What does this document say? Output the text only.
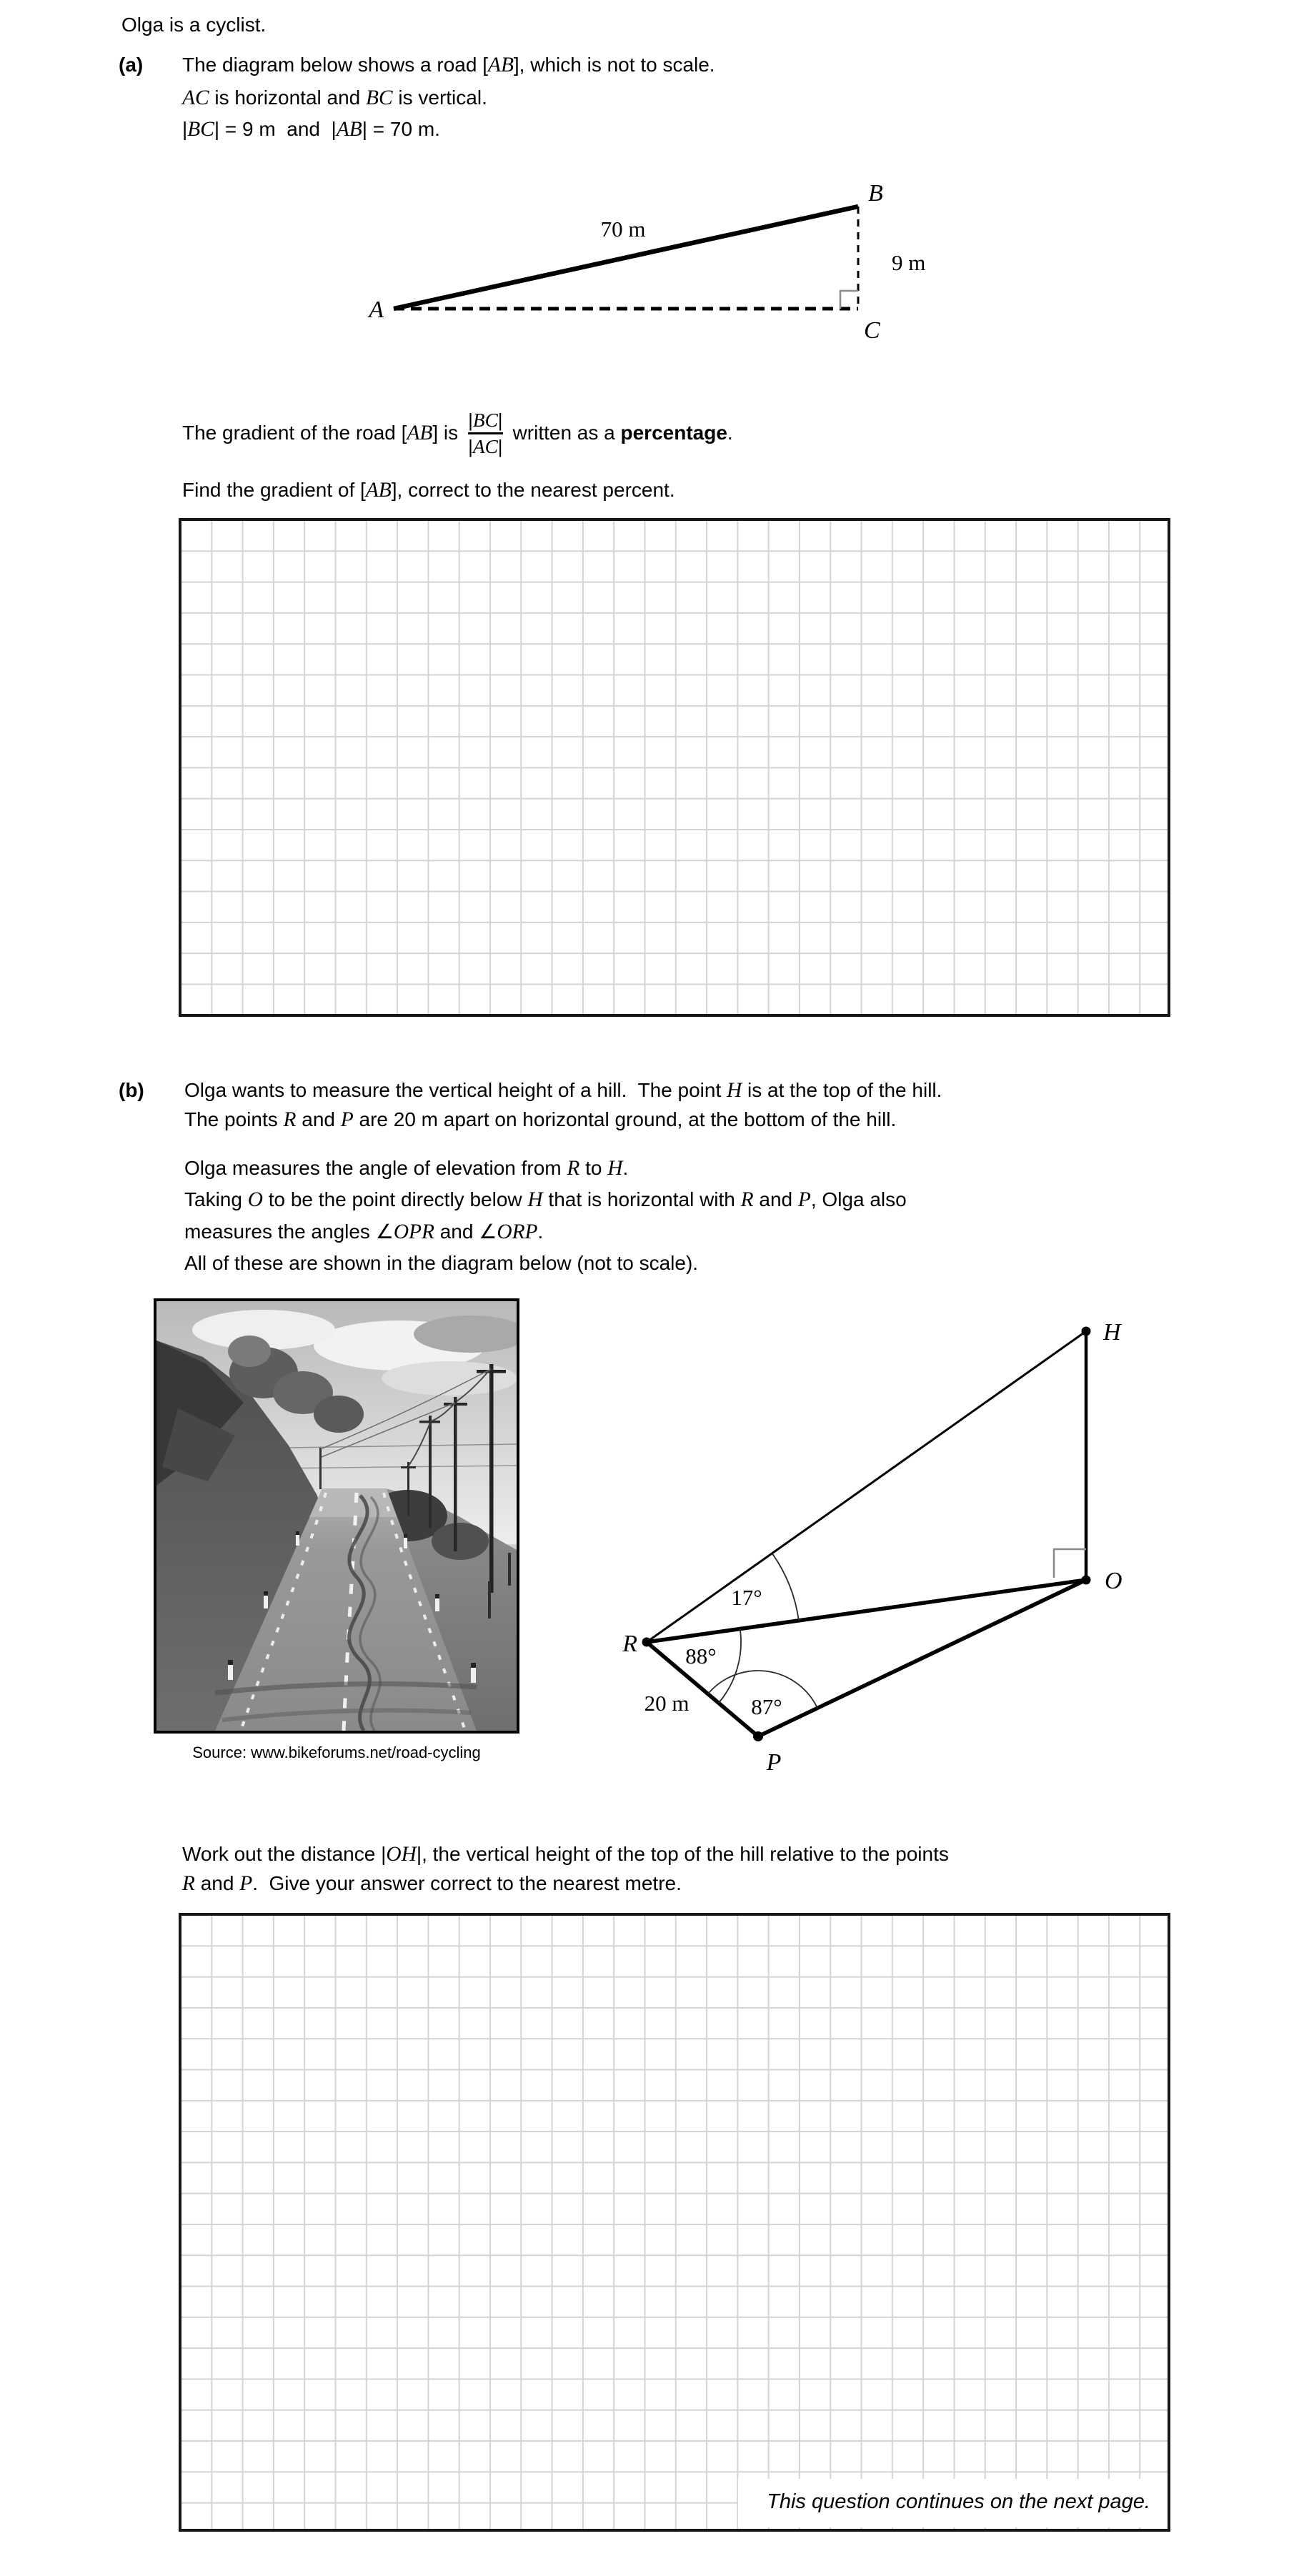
Olga is a cyclist.
(a) The diagram below shows a road [AB], which is not to scale.
AC is horizontal and BC is vertical.
|BC| = 9 m  and  |AB| = 70 m.
A
B
C
70 m
9 m
The gradient of the road [AB] is $\frac{|BC|}{|AC|}$ written as a percentage.
Find the gradient of [AB], correct to the nearest percent.
(b) Olga wants to measure the vertical height of a hill.  The point H is at the top of the hill.
The points R and P are 20 m apart on horizontal ground, at the bottom of the hill.
Olga measures the angle of elevation from R to H.
Taking O to be the point directly below H that is horizontal with R and P, Olga also
measures the angles ∠OPR and ∠ORP.
All of these are shown in the diagram below (not to scale).
Source: www.bikeforums.net/road-cycling
H
O
R
P
17°
88°
87°
20 m
Work out the distance |OH|, the vertical height of the top of the hill relative to the points
R and P.  Give your answer correct to the nearest metre.
This question continues on the next page.
